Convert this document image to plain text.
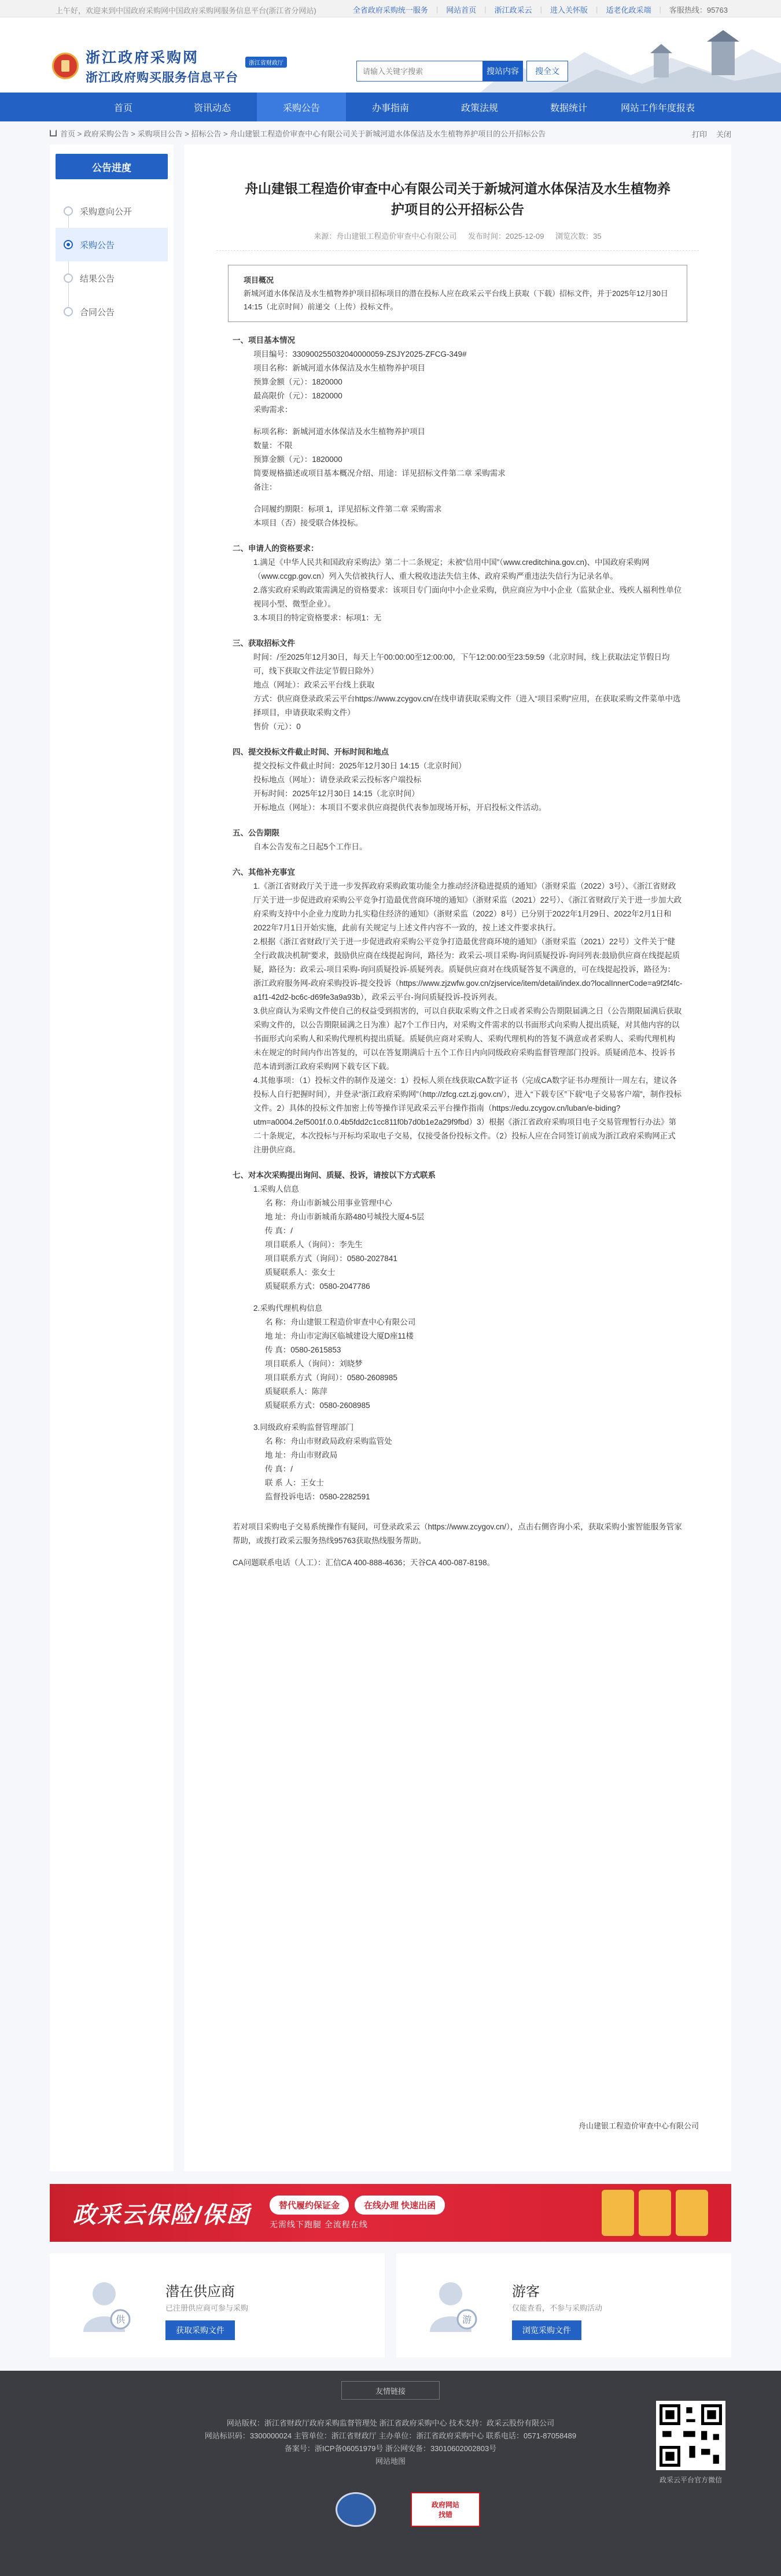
上午好，欢迎来到中国政府采购网中国政府采购网服务信息平台(浙江省分网站)	全省政府采购统一服务 | 网站首页 | 浙江政采云 | 进入关怀版 | 适老化政采端 | 客服热线：95763
浙江政府采购网
浙江政府购买服务信息平台
浙江省财政厅
请输入关键字搜索
搜站内容	搜全文
首页	资讯动态	采购公告	办事指南	政策法规	数据统计	网站工作年度报表
首页 > 政府采购公告 > 采购项目公告 > 招标公告 > 舟山建银工程造价审查中心有限公司关于新城河道水体保洁及水生植物养护项目的公开招标公告	打印 关闭
公告进度
采购意向公开
采购公告
结果公告
合同公告
舟山建银工程造价审查中心有限公司关于新城河道水体保洁及水生植物养护项目的公开招标公告
来源：舟山建银工程造价审查中心有限公司 发布时间：2025-12-09 浏览次数：35
项目概况
新城河道水体保洁及水生植物养护项目招标项目的潜在投标人应在政采云平台线上获取（下载）招标文件，并于2025年12月30日 14:15（北京时间）前递交（上传）投标文件。
一、项目基本情况
项目编号：330900255032040000059-ZSJY2025-ZFCG-349#
项目名称：新城河道水体保洁及水生植物养护项目
预算金额（元）：1820000
最高限价（元）：1820000
采购需求：
标项名称：新城河道水体保洁及水生植物养护项目
数量：不限
预算金额（元）：1820000
简要规格描述或项目基本概况介绍、用途：详见招标文件第二章 采购需求
备注：
合同履约期限：标项 1，详见招标文件第二章 采购需求
本项目（否）接受联合体投标。
二、申请人的资格要求：
1.满足《中华人民共和国政府采购法》第二十二条规定；未被“信用中国”（www.creditchina.gov.cn)、中国政府采购网（www.ccgp.gov.cn）列入失信被执行人、重大税收违法失信主体、政府采购严重违法失信行为记录名单。
2.落实政府采购政策需满足的资格要求：该项目专门面向中小企业采购，供应商应为中小企业（监狱企业、残疾人福利性单位视同小型、微型企业）。
3.本项目的特定资格要求：标项1：无
三、获取招标文件
时间：/至2025年12月30日，每天上午00:00:00至12:00:00，下午12:00:00至23:59:59（北京时间，线上获取法定节假日均可，线下获取文件法定节假日除外）
地点（网址）：政采云平台线上获取
方式：供应商登录政采云平台https://www.zcygov.cn/在线申请获取采购文件（进入“项目采购”应用，在获取采购文件菜单中选择项目，申请获取采购文件）
售价（元）：0
四、提交投标文件截止时间、开标时间和地点
提交投标文件截止时间：2025年12月30日 14:15（北京时间）
投标地点（网址）：请登录政采云投标客户端投标
开标时间：2025年12月30日 14:15（北京时间）
开标地点（网址）：本项目不要求供应商提供代表参加现场开标，开启投标文件活动。
五、公告期限
自本公告发布之日起5个工作日。
六、其他补充事宜
1.《浙江省财政厅关于进一步发挥政府采购政策功能全力推动经济稳进提质的通知》（浙财采监（2022）3号）、《浙江省财政厅关于进一步促进政府采购公平竞争打造最优营商环境的通知》（浙财采监（2021）22号）、《浙江省财政厅关于进一步加大政府采购支持中小企业力度助力扎实稳住经济的通知》（浙财采监（2022）8号）已分别于2022年1月29日、2022年2月1日和2022年7月1日开始实施，此前有关规定与上述文件内容不一致的，按上述文件要求执行。
2.根据《浙江省财政厅关于进一步促进政府采购公平竞争打造最优营商环境的通知》（浙财采监（2021）22号）文件关于“健全行政裁决机制”要求，鼓励供应商在线提起询问，路径为：政采云-项目采购-询问质疑投诉-询问列表:鼓励供应商在线提起质疑，路径为：政采云-项目采购-询问质疑投诉-质疑列表。质疑供应商对在线质疑答复不满意的，可在线提起投诉，路径为：浙江政府服务网-政府采购投诉-提交投诉（https://www.zjzwfw.gov.cn/zjservice/item/detail/index.do?localInnerCode=a9f2f4fc-a1f1-42d2-bc6c-d69fe3a9a93b），政采云平台-询问质疑投诉-投诉列表。
3.供应商认为采购文件使自己的权益受到损害的，可以自获取采购文件之日或者采购公告期限届满之日（公告期限届满后获取采购文件的，以公告期限届满之日为准）起7个工作日内，对采购文件需求的以书面形式向采购人提出质疑，对其他内容的以书面形式向采购人和采购代理机构提出质疑。质疑供应商对采购人、采购代理机构的答复不满意或者采购人、采购代理机构未在规定的时间内作出答复的，可以在答复期满后十五个工作日内向同级政府采购监督管理部门投诉。质疑函范本、投诉书范本请到浙江政府采购网下载专区下载。
4.其他事项：（1）投标文件的制作及递交：1）投标人须在线获取CA数字证书（完成CA数字证书办理预计一周左右，建议各投标人自行把握时间），并登录“浙江政府采购网”（http://zfcg.czt.zj.gov.cn/），进入“下载专区”下载“电子交易客户端”，制作投标文件。2）具体的投标文件加密上传等操作详见政采云平台操作指南（https://edu.zcygov.cn/luban/e-biding?utm=a0004.2ef5001f.0.0.4b5fdd2c1cc811f0b7d0b1e2a29f9fbd）3）根据《浙江省政府采购项目电子交易管理暂行办法》第二十条规定，本次投标与开标均采取电子交易，仅接受备份投标文件。（2）投标人应在合同签订前成为浙江政府采购网正式注册供应商。
七、对本次采购提出询问、质疑、投诉，请按以下方式联系
1.采购人信息
名 称：舟山市新城公用事业管理中心
地 址：舟山市新城甬东路480号城投大厦4-5层
传 真：/
项目联系人（询问）：李先生
项目联系方式（询问）：0580-2027841
质疑联系人：张女士
质疑联系方式：0580-2047786
2.采购代理机构信息
名 称：舟山建银工程造价审查中心有限公司
地 址：舟山市定海区临城建设大厦D座11楼
传 真：0580-2615853
项目联系人（询问）：刘晓梦
项目联系方式（询问）：0580-2608985
质疑联系人：陈萍
质疑联系方式：0580-2608985
3.同级政府采购监督管理部门
名 称：舟山市财政局政府采购监管处
地 址：舟山市财政局
传 真：/
联 系 人：王女士
监督投诉电话：0580-2282591
若对项目采购电子交易系统操作有疑问，可登录政采云（https://www.zcygov.cn/），点击右侧咨询小采，获取采购小蜜智能服务管家帮助，或拨打政采云服务热线95763获取热线服务帮助。
CA问题联系电话（人工）：汇信CA 400-888-4636；天谷CA 400-087-8198。
舟山建银工程造价审查中心有限公司
政采云保险/保函	替代履约保证金	在线办理 快速出函
无需线下跑腿 全流程在线
供
潜在供应商
已注册供应商可参与采购
获取采购文件
游
游客
仅能查看，不参与采购活动
浏览采购文件
友情链接
网站版权：浙江省财政厅政府采购监督管理处 浙江省政府采购中心 技术支持：政采云股份有限公司
网站标识码：3300000024 主管单位：浙江省财政厅 主办单位：浙江省政府采购中心 联系电话：0571-87058489
备案号：浙ICP备06051979号 浙公网安备：33010602002803号
网站地图
政采云平台官方微信
政府网站
找错
